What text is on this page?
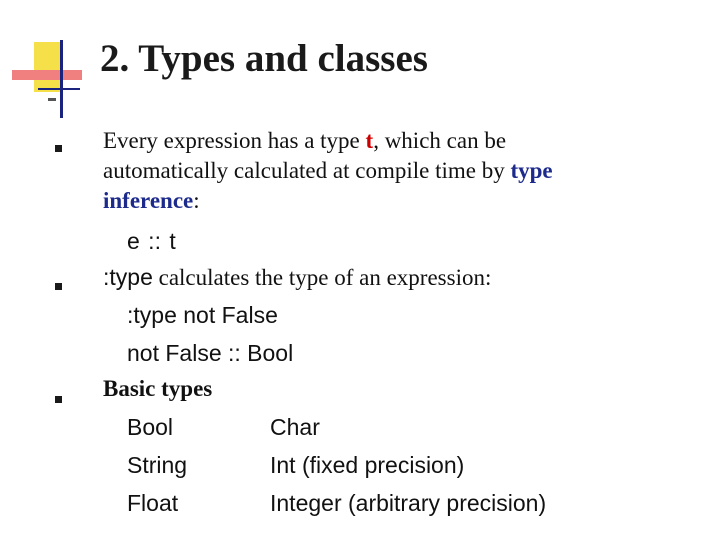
2. Types and classes
Every expression has a type t, which can be
automatically calculated at compile time by type
inference:
e :: t
:type calculates the type of an expression:
:type not False
not False :: Bool
Basic types
Bool
String
Float
Char
Int (fixed precision)
Integer (arbitrary precision)
